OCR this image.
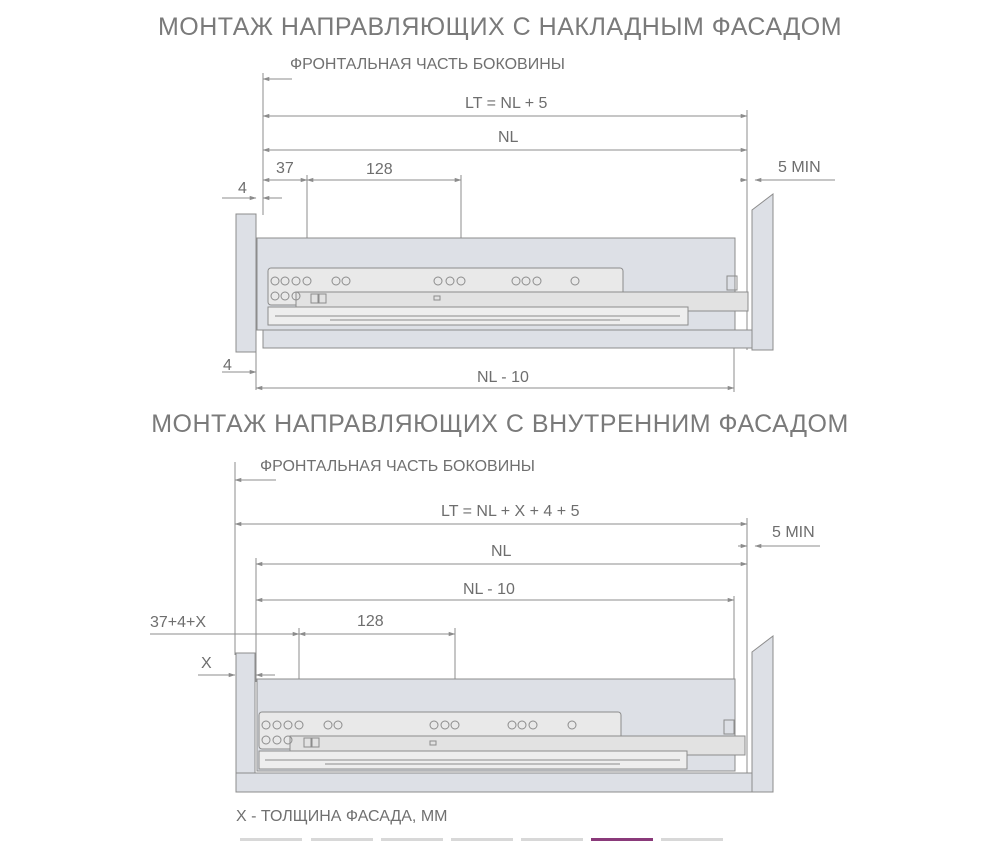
МОНТАЖ НАПРАВЛЯЮЩИХ С НАКЛАДНЫМ ФАСАДОМ
МОНТАЖ НАПРАВЛЯЮЩИХ С ВНУТРЕННИМ ФАСАДОМ
ФРОНТАЛЬНАЯ ЧАСТЬ БОКОВИНЫ
LT = NL + 5
NL
37	128	5 MIN
4
4
NL - 10
ФРОНТАЛЬНАЯ ЧАСТЬ БОКОВИНЫ
LT = NL + X + 4 + 5
NL
NL - 10
37+4+X	128
X
5 MIN
X - ТОЛЩИНА ФАСАДА, ММ
